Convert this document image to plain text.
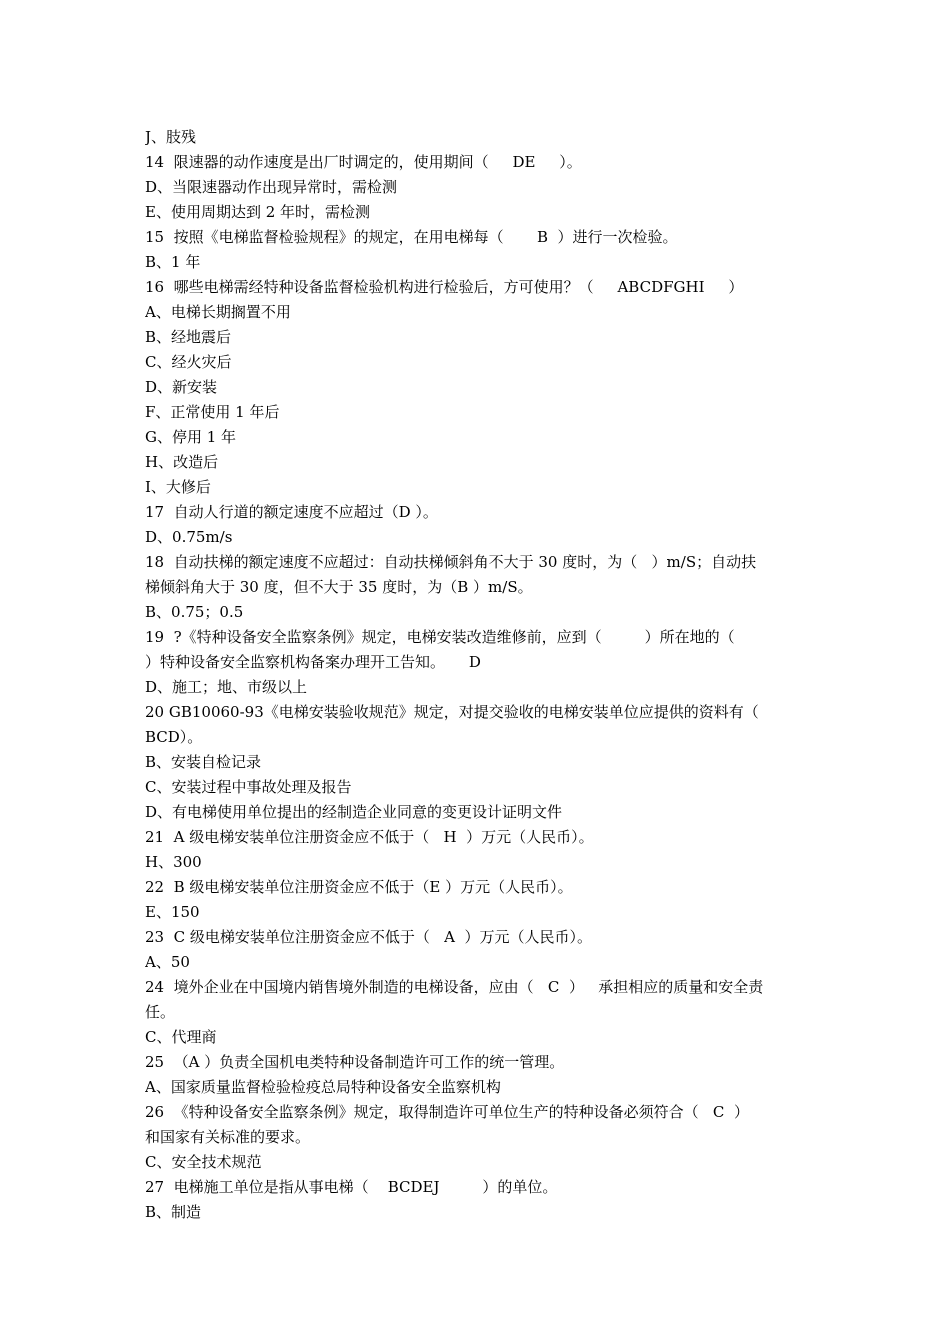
J、肢残
14  限速器的动作速度是出厂时调定的，使用期间（     DE     ）。
D、当限速器动作出现异常时，需检测
E、使用周期达到 2 年时，需检测
15  按照《电梯监督检验规程》的规定，在用电梯每（       B  ）进行一次检验。
B、1 年
16  哪些电梯需经特种设备监督检验机构进行检验后，方可使用？（     ABCDFGHI     ）
A、电梯长期搁置不用
B、经地震后
C、经火灾后
D、新安装
F、正常使用 1 年后
G、停用 1 年
H、改造后
I、大修后
17  自动人行道的额定速度不应超过（D ）。
D、0.75m/s
18  自动扶梯的额定速度不应超过：自动扶梯倾斜角不大于 30 度时，为（   ）m/S；自动扶
梯倾斜角大于 30 度，但不大于 35 度时，为（B ）m/S。
B、0.75；0.5
19  ?《特种设备安全监察条例》规定，电梯安装改造维修前，应到（         ）所在地的（
）特种设备安全监察机构备案办理开工告知。     D
D、施工；地、市级以上
20 GB10060-93《电梯安装验收规范》规定，对提交验收的电梯安装单位应提供的资料有（
BCD）。
B、安装自检记录
C、安装过程中事故处理及报告
D、有电梯使用单位提出的经制造企业同意的变更设计证明文件
21  A 级电梯安装单位注册资金应不低于（   H  ）万元（人民币）。
H、300
22  B 级电梯安装单位注册资金应不低于（E ）万元（人民币）。
E、150
23  C 级电梯安装单位注册资金应不低于（   A  ）万元（人民币）。
A、50
24  境外企业在中国境内销售境外制造的电梯设备，应由（   C  ）   承担相应的质量和安全责
任。
C、代理商
25  （A ）负责全国机电类特种设备制造许可工作的统一管理。
A、国家质量监督检验检疫总局特种设备安全监察机构
26  《特种设备安全监察条例》规定，取得制造许可单位生产的特种设备必须符合（   C  ）
和国家有关标准的要求。
C、安全技术规范
27  电梯施工单位是指从事电梯（    BCDEJ         ）的单位。
B、制造
